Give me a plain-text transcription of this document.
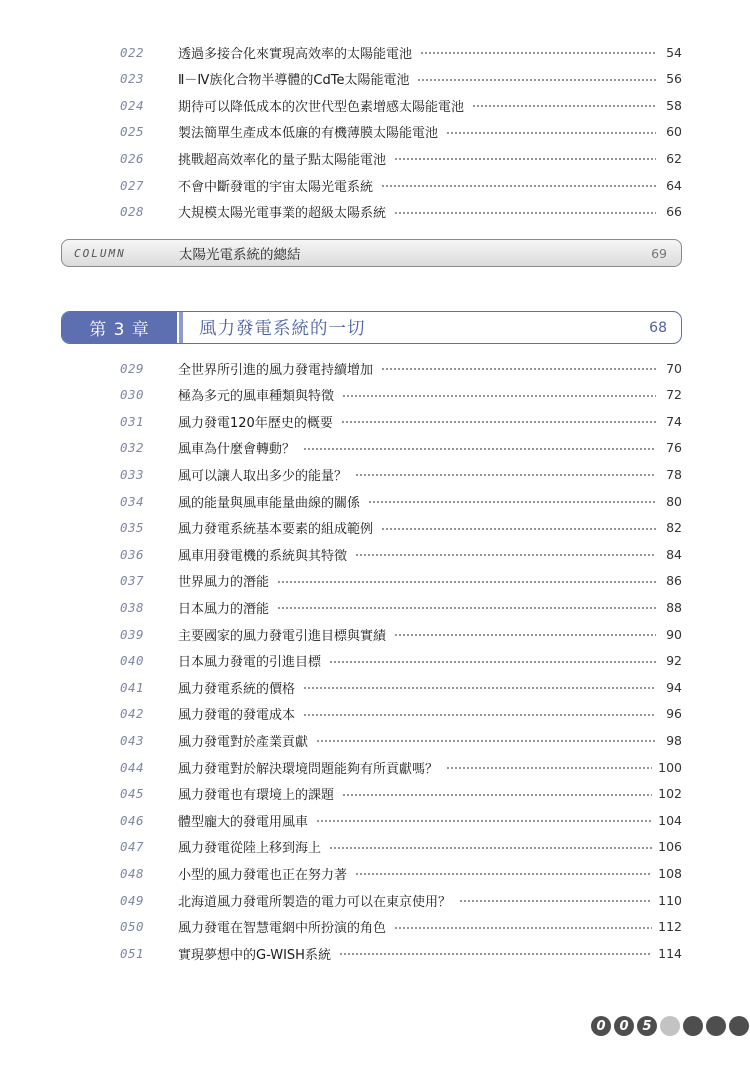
022	透過多接合化來實現高效率的太陽能電池	54
023	Ⅱ－Ⅳ族化合物半導體的CdTe太陽能電池	56
024	期待可以降低成本的次世代型色素增感太陽能電池	58
025	製法簡單生產成本低廉的有機薄膜太陽能電池	60
026	挑戰超高效率化的量子點太陽能電池	62
027	不會中斷發電的宇宙太陽光電系統	64
028	大規模太陽光電事業的超級太陽系統	66
COLUMN	太陽光電系統的總結	69
第 3 章	風力發電系統的一切	68
029	全世界所引進的風力發電持續增加	70
030	極為多元的風車種類與特徵	72
031	風力發電120年歷史的概要	74
032	風車為什麼會轉動？	76
033	風可以讓人取出多少的能量？	78
034	風的能量與風車能量曲線的關係	80
035	風力發電系統基本要素的組成範例	82
036	風車用發電機的系統與其特徵	84
037	世界風力的潛能	86
038	日本風力的潛能	88
039	主要國家的風力發電引進目標與實績	90
040	日本風力發電的引進目標	92
041	風力發電系統的價格	94
042	風力發電的發電成本	96
043	風力發電對於產業貢獻	98
044	風力發電對於解決環境問題能夠有所貢獻嗎？	100
045	風力發電也有環境上的課題	102
046	體型龐大的發電用風車	104
047	風力發電從陸上移到海上	106
048	小型的風力發電也正在努力著	108
049	北海道風力發電所製造的電力可以在東京使用？	110
050	風力發電在智慧電網中所扮演的角色	112
051	實現夢想中的G-WISH系統	114
0	0	5
